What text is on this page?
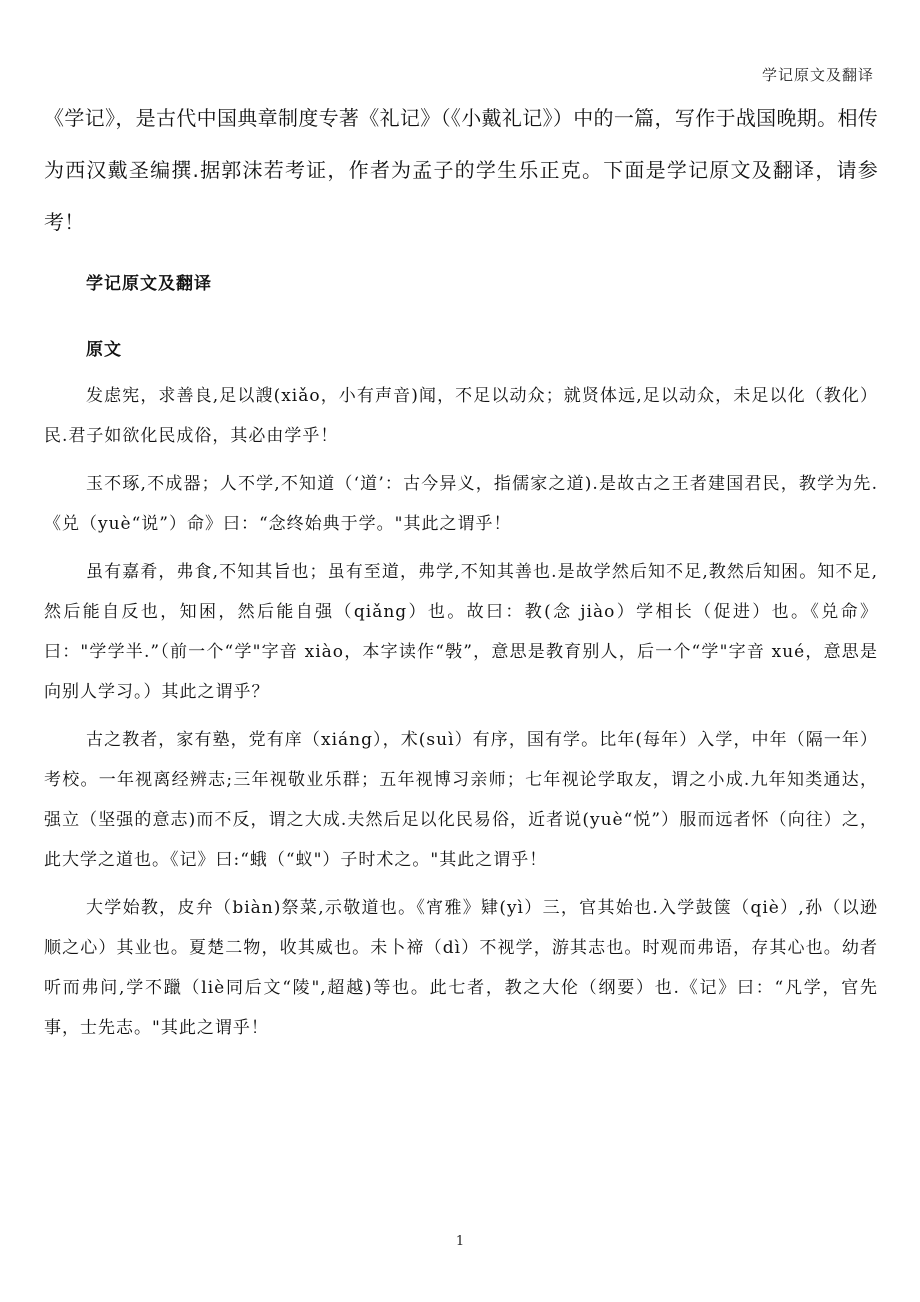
学记原文及翻译

《学记》，是古代中国典章制度专著《礼记》（《小戴礼记》）中的一篇，写作于战国晚期。相传为西汉戴圣编撰.据郭沫若考证，作者为孟子的学生乐正克。下面是学记原文及翻译，请参考！

学记原文及翻译

原文

发虑宪，求善良,足以謏(xiǎo，小有声音)闻，不足以动众；就贤体远,足以动众，未足以化（教化）民.君子如欲化民成俗，其必由学乎！

玉不琢,不成器；人不学,不知道（‘道’：古今异义，指儒家之道).是故古之王者建国君民，教学为先.《兑（yuè“说”）命》曰：“念终始典于学。"其此之谓乎！

虽有嘉肴，弗食,不知其旨也；虽有至道，弗学,不知其善也.是故学然后知不足,教然后知困。知不足,然后能自反也，知困，然后能自强（qiǎng）也。故曰：教(念 jiào）学相长（促进）也。《兑命》曰："学学半.”（前一个“学"字音 xiào，本字读作“斅”，意思是教育别人，后一个“学"字音 xué，意思是向别人学习。）其此之谓乎？

古之教者，家有塾，党有庠（xiáng），术(suì）有序，国有学。比年(每年）入学，中年（隔一年）考校。一年视离经辨志;三年视敬业乐群；五年视博习亲师；七年视论学取友，谓之小成.九年知类通达，强立（坚强的意志)而不反，谓之大成.夫然后足以化民易俗，近者说(yuè“悦”）服而远者怀（向往）之，此大学之道也。《记》曰:“蛾（“蚁"）子时术之。"其此之谓乎！

大学始教，皮弁（biàn)祭菜,示敬道也。《宵雅》肄(yì）三，官其始也.入学鼓箧（qiè）,孙（以逊顺之心）其业也。夏楚二物，收其威也。未卜禘（dì）不视学，游其志也。时观而弗语，存其心也。幼者听而弗问,学不躐（liè同后文“陵",超越)等也。此七者，教之大伦（纲要）也.《记》曰：“凡学，官先事，士先志。"其此之谓乎！

1
